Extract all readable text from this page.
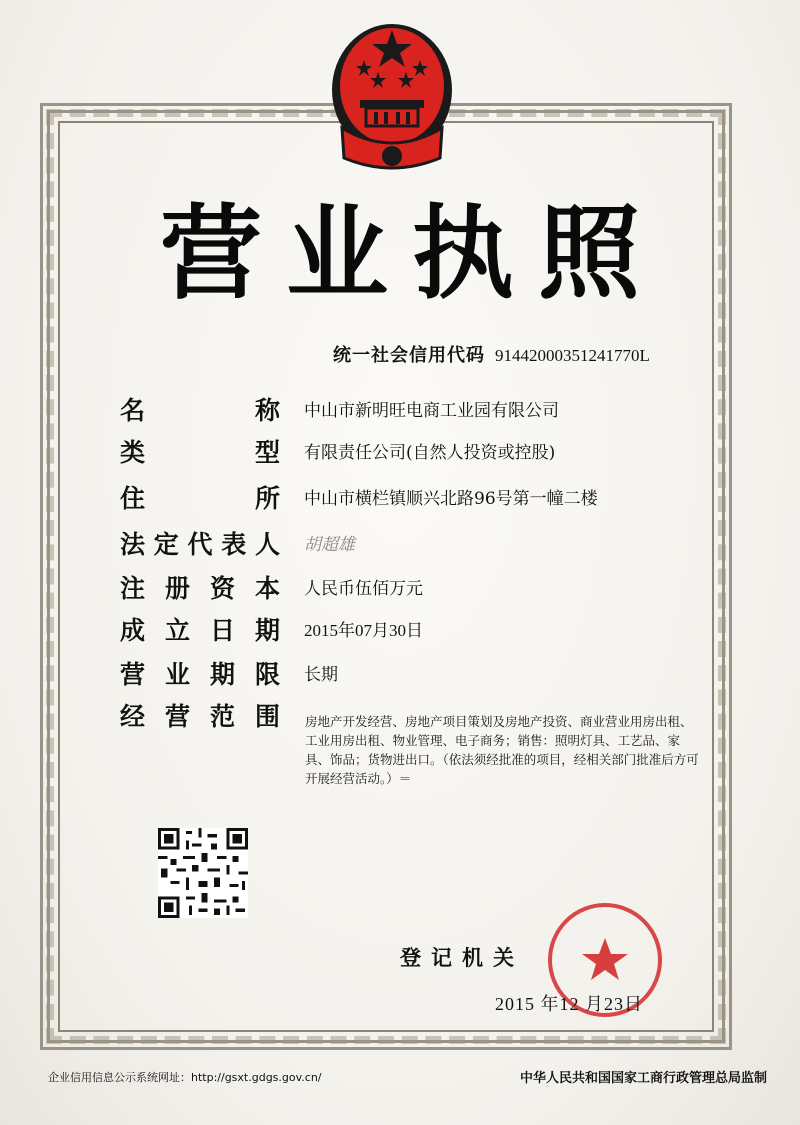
营 业 执 照
统一社会信用代码 91442000351241770L
名	称 中山市新明旺电商工业园有限公司
类	型 有限责任公司(自然人投资或控股)
住	所 中山市横栏镇顺兴北路96号第一幢二楼
法 定 代 表 人 胡超雄
注 册 资 本 人民币伍佰万元
成 立 日 期 2015年07月30日
营 业 期 限 长期
经 营 范 围 房地产开发经营、房地产项目策划及房地产投资、商业营业用房出租、工业用房出租、物业管理、电子商务；销售：照明灯具、工艺品、家具、饰品；货物进出口。（依法须经批准的项目，经相关部门批准后方可开展经营活动。）＝
登记机关
2015 年12 月23日
企业信用信息公示系统网址：http://gsxt.gdgs.gov.cn/	中华人民共和国国家工商行政管理总局监制
